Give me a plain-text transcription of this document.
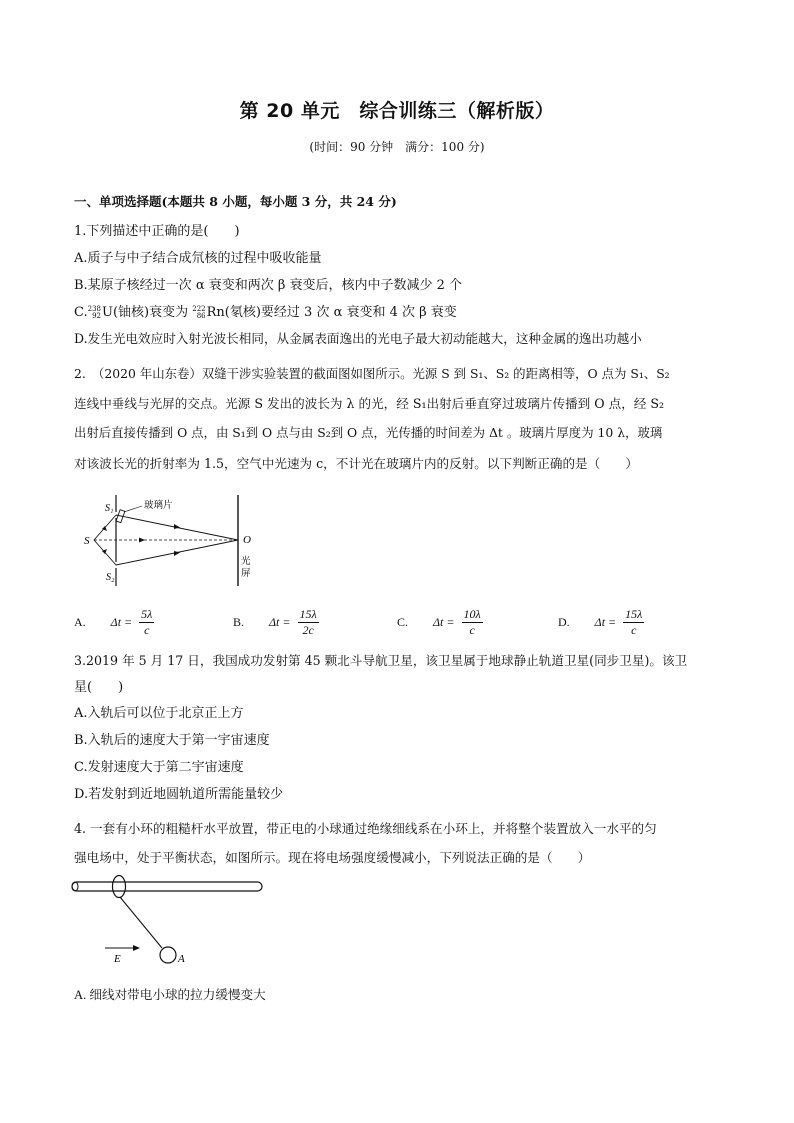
第 20 单元　综合训练三（解析版）
(时间：90 分钟　满分：100 分)
一、单项选择题(本题共 8 小题，每小题 3 分，共 24 分)
1.下列描述中正确的是(　　)
A.质子与中子结合成氘核的过程中吸收能量
B.某原子核经过一次 α 衰变和两次 β 衰变后，核内中子数减少 2 个
C. 238
92 U(铀核)衰变为 222
86 Rn(氡核)要经过 3 次 α 衰变和 4 次 β 衰变
D.发生光电效应时入射光波长相同，从金属表面逸出的光电子最大初动能越大，这种金属的逸出功越小
2.　（2020 年山东卷）双缝干涉实验装置的截面图如图所示。光源 S 到 S₁、S₂ 的距离相等，O 点为 S₁、S₂
连线中垂线与光屏的交点。光源 S 发出的波长为 λ 的光，经 S₁出射后垂直穿过玻璃片传播到 O 点，经 S₂
出射后直接传播到 O 点，由 S₁到 O 点与由 S₂到 O 点，光传播的时间差为 Δt 。玻璃片厚度为 10 λ，玻璃
对该波长光的折射率为 1.5，空气中光速为 c，不计光在玻璃片内的反射。以下判断正确的是（　　）
S
S₁
S₂
玻璃片
O
光
屏
A. $\Delta t = \frac{5\lambda}{c}$	B. $\Delta t = \frac{15\lambda}{2c}$	C. $\Delta t = \frac{10\lambda}{c}$	D. $\Delta t = \frac{15\lambda}{c}$
3.2019 年 5 月 17 日，我国成功发射第 45 颗北斗导航卫星，该卫星属于地球静止轨道卫星(同步卫星)。该卫
星(　　)
A.入轨后可以位于北京正上方
B.入轨后的速度大于第一宇宙速度
C.发射速度大于第二宇宙速度
D.若发射到近地圆轨道所需能量较少
4. 一套有小环的粗糙杆水平放置，带正电的小球通过绝缘细线系在小环上，并将整个装置放入一水平的匀
强电场中，处于平衡状态，如图所示。现在将电场强度缓慢减小，下列说法正确的是（　　）
E	A
A. 细线对带电小球的拉力缓慢变大
